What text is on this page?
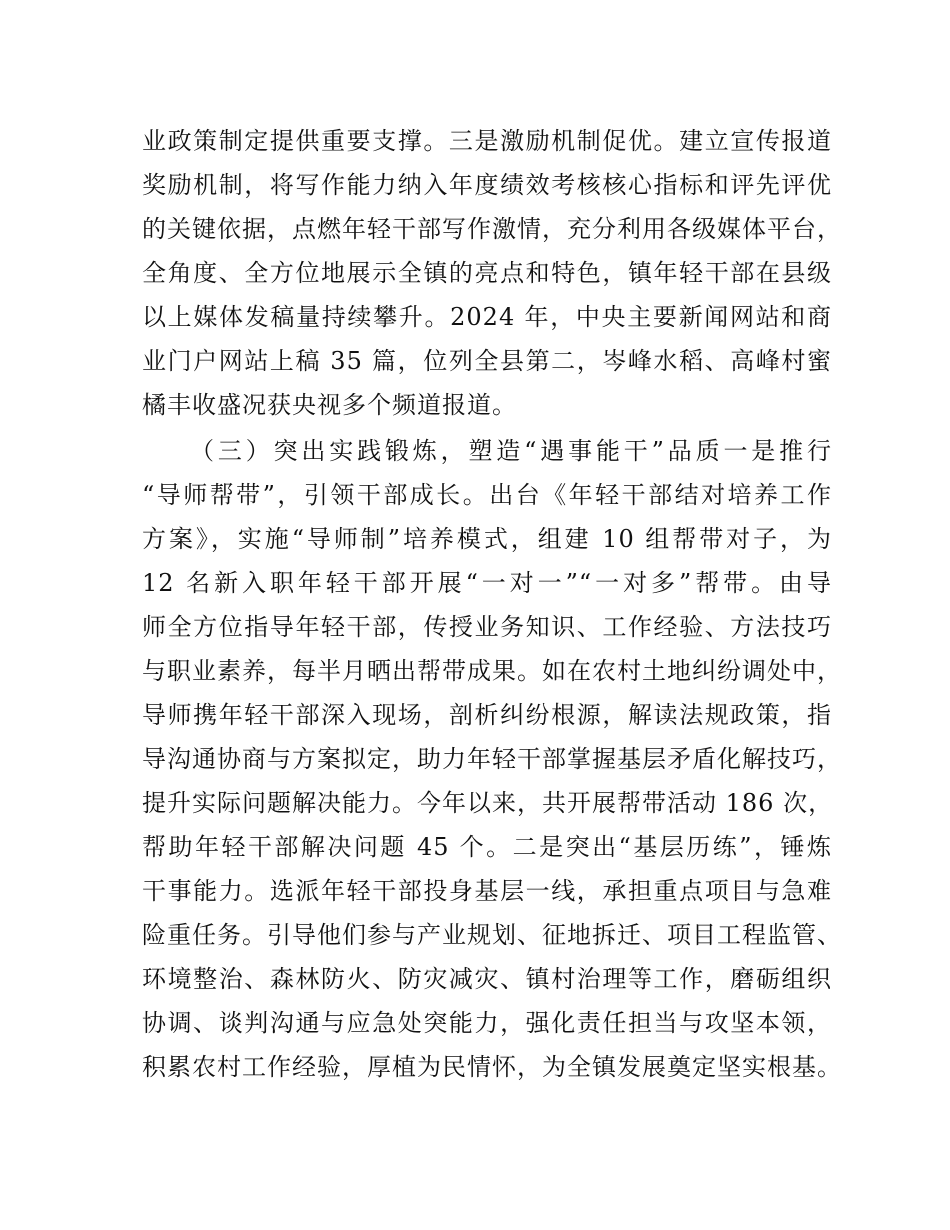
业政策制定提供重要支撑。三是激励机制促优。建立宣传报道
奖励机制，将写作能力纳入年度绩效考核核心指标和评先评优
的关键依据，点燃年轻干部写作激情，充分利用各级媒体平台，
全角度、全方位地展示全镇的亮点和特色，镇年轻干部在县级
以上媒体发稿量持续攀升。2024 年，中央主要新闻网站和商
业门户网站上稿 35 篇，位列全县第二，岑峰水稻、高峰村蜜
橘丰收盛况获央视多个频道报道。
（三）突出实践锻炼，塑造“遇事能干”品质一是推行
“导师帮带”，引领干部成长。出台《年轻干部结对培养工作
方案》，实施“导师制”培养模式，组建 10 组帮带对子，为
12 名新入职年轻干部开展“一对一”“一对多”帮带。由导
师全方位指导年轻干部，传授业务知识、工作经验、方法技巧
与职业素养，每半月晒出帮带成果。如在农村土地纠纷调处中，
导师携年轻干部深入现场，剖析纠纷根源，解读法规政策，指
导沟通协商与方案拟定，助力年轻干部掌握基层矛盾化解技巧，
提升实际问题解决能力。今年以来，共开展帮带活动 186 次，
帮助年轻干部解决问题 45 个。二是突出“基层历练”，锤炼
干事能力。选派年轻干部投身基层一线，承担重点项目与急难
险重任务。引导他们参与产业规划、征地拆迁、项目工程监管、
环境整治、森林防火、防灾减灾、镇村治理等工作，磨砺组织
协调、谈判沟通与应急处突能力，强化责任担当与攻坚本领，
积累农村工作经验，厚植为民情怀，为全镇发展奠定坚实根基。
